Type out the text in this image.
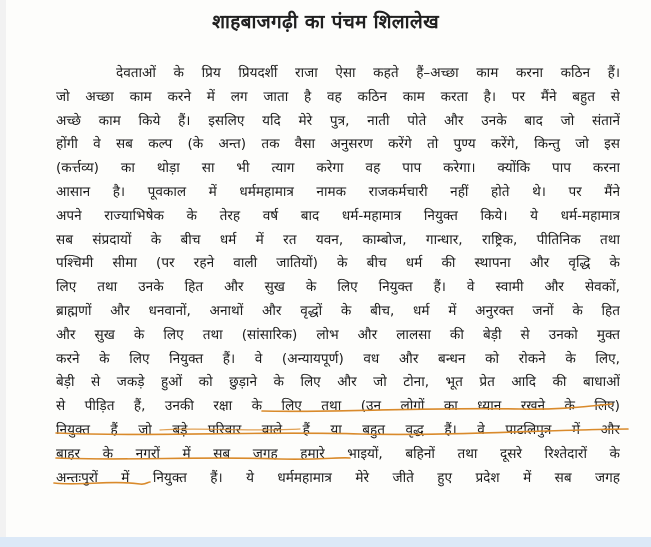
शाहबाजगढ़ी का पंचम शिलालेख
देवताओं के प्रिय प्रियदर्शी राजा ऐसा कहते हैं–अच्छा काम करना कठिन हैं।
जो अच्छा काम करने में लग जाता है वह कठिन काम करता है। पर मैंने बहुत से
अच्छे काम किये हैं। इसलिए यदि मेरे पुत्र, नाती पोते और उनके बाद जो संतानें
होंगी वे सब कल्प (के अन्त) तक वैसा अनुसरण करेंगे तो पुण्य करेंगे, किन्तु जो इस
(कर्त्तव्य) का थोड़ा सा भी त्याग करेगा वह पाप करेगा। क्योंकि पाप करना
आसान है। पूवकाल में धर्ममहामात्र नामक राजकर्मचारी नहीं होते थे। पर मैंने
अपने राज्याभिषेक के तेरह वर्ष बाद धर्म-महामात्र नियुक्त किये। ये धर्म-महामात्र
सब संप्रदायों के बीच धर्म में रत यवन, काम्बोज, गान्धार, राष्ट्रिक, पीतिनिक तथा
पश्चिमी सीमा (पर रहने वाली जातियों) के बीच धर्म की स्थापना और वृद्धि के
लिए तथा उनके हित और सुख के लिए नियुक्त हैं। वे स्वामी और सेवकों,
ब्राह्मणों और धनवानों, अनाथों और वृद्धों के बीच, धर्म में अनुरक्त जनों के हित
और सुख के लिए तथा (सांसारिक) लोभ और लालसा की बेड़ी से उनको मुक्त
करने के लिए नियुक्त हैं। वे (अन्यायपूर्ण) वध और बन्धन को रोकने के लिए,
बेड़ी से जकड़े हुओं को छुड़ाने के लिए और जो टोना, भूत प्रेत आदि की बाधाओं
से पीड़ित हैं, उनकी रक्षा के लिए तथा (उन लोगों का ध्यान रखने के लिए)
नियुक्त हैं जो बड़े परिवार वाले हैं या बहुत वृद्ध हैं। वे पाटलिपुत्र में और
बाहर के नगरों में सब जगह हमारे भाइयों, बहिनों तथा दूसरे रिश्तेदारों के
अन्तःपुरों में नियुक्त हैं। ये धर्ममहामात्र मेरे जीते हुए प्रदेश में सब जगह
